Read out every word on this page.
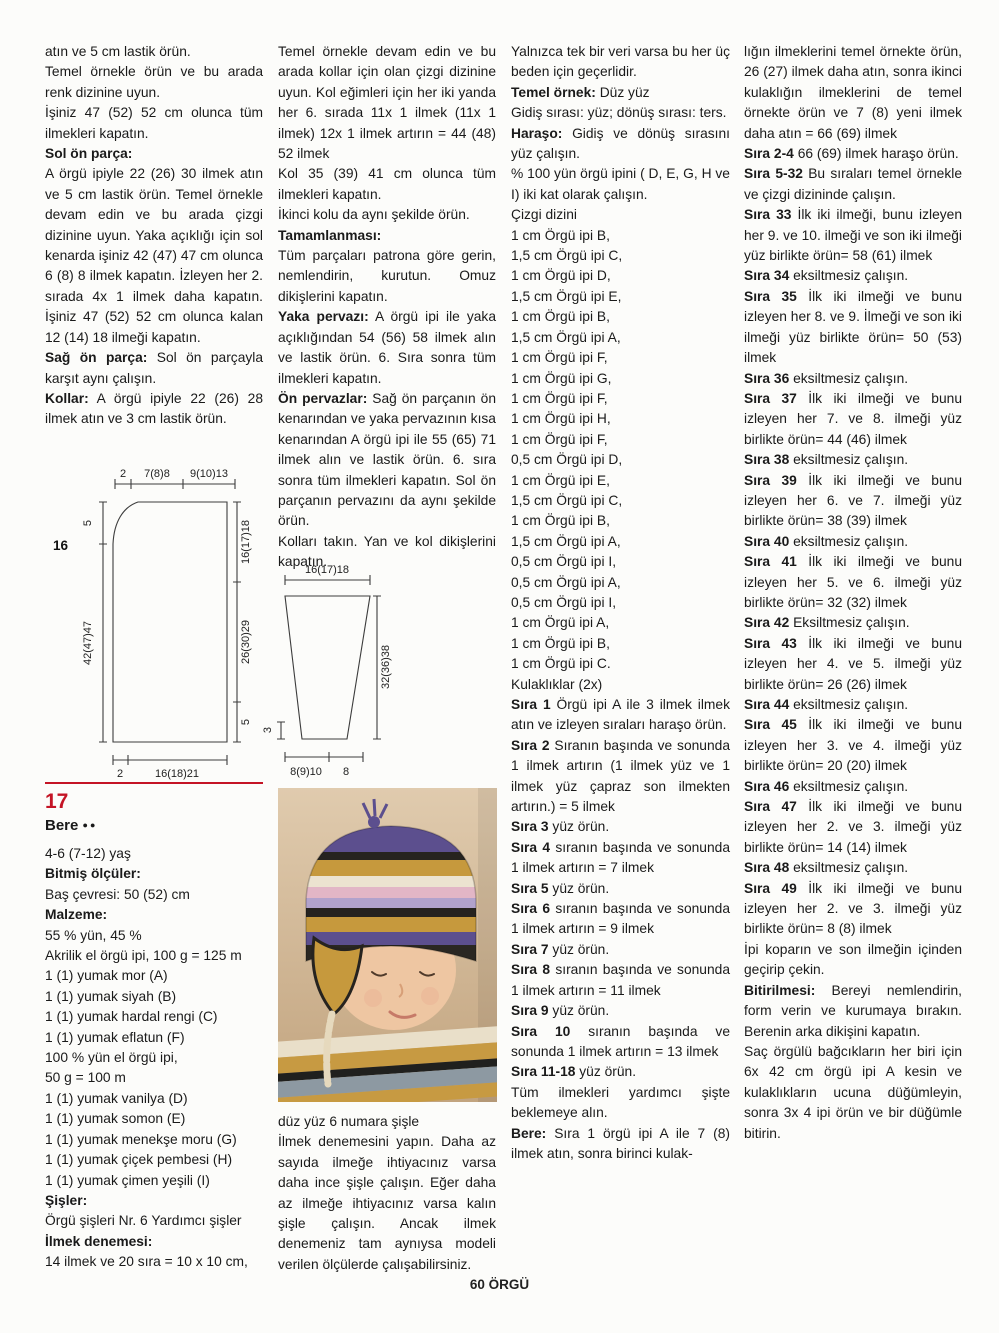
atın ve 5 cm lastik örün.

Temel örnekle örün ve bu arada renk dizinine uyun.

İşiniz 47 (52) 52 cm olunca tüm ilmekleri kapatın.

Sol ön parça:

A örgü ipiyle 22 (26) 30 ilmek atın ve 5 cm lastik örün. Temel örnekle devam edin ve bu arada çizgi dizinine uyun. Yaka açıklığı için sol kenarda işiniz 42 (47) 47 cm olunca 6 (8) 8 ilmek kapatın. İzleyen her 2. sırada 4x 1 ilmek daha kapatın. İşiniz 47 (52) 52 cm olunca kalan 12 (14) 18 ilmeği kapatın.

Sağ ön parça: Sol ön parçayla karşıt aynı çalışın.

Kollar: A örgü ipiyle 22 (26) 28 ilmek atın ve 3 cm lastik örün.

16
2 7(8)8 9(10)13
5
42(47)47
16(17)18
26(30)29
5
2	16(18)21
16(17)18
32(36)38
8(9)10 8
3

17

Bere ●●

4-6 (7-12) yaş

Bitmiş ölçüler:

Baş çevresi: 50 (52) cm

Malzeme:

55 % yün, 45 %

Akrilik el örgü ipi, 100 g = 125 m

1 (1) yumak mor (A)

1 (1) yumak siyah (B)

1 (1) yumak hardal rengi (C)

1 (1) yumak eflatun (F)

100 % yün el örgü ipi,

50 g = 100 m

1 (1) yumak vanilya (D)

1 (1) yumak somon (E)

1 (1) yumak menekşe moru (G)

1 (1) yumak çiçek pembesi (H)

1 (1) yumak çimen yeşili (I)

Şişler:

Örgü şişleri Nr. 6 Yardımcı şişler

İlmek denemesi:

14 ilmek ve 20 sıra = 10 x 10 cm,

Temel örnekle devam edin ve bu arada kollar için olan çizgi dizinine uyun. Kol eğimleri için her iki yanda her 6. sırada 11x 1 ilmek (11x 1 ilmek) 12x 1 ilmek artırın = 44 (48) 52 ilmek

Kol 35 (39) 41 cm olunca tüm ilmekleri kapatın.

İkinci kolu da aynı şekilde örün.

Tamamlanması:

Tüm parçaları patrona göre gerin, nemlendirin, kurutun. Omuz dikişlerini kapatın.

Yaka pervazı: A örgü ipi ile yaka açıklığından 54 (56) 58 ilmek alın ve lastik örün. 6. Sıra sonra tüm ilmekleri kapatın.

Ön pervazlar: Sağ ön parçanın ön kenarından ve yaka pervazının kısa kenarından A örgü ipi ile 55 (65) 71 ilmek alın ve lastik örün. 6. sıra sonra tüm ilmekleri kapatın. Sol ön parçanın pervazını da aynı şekilde örün.

Kolları takın. Yan ve kol dikişlerini kapatın.

düz yüz 6 numara şişle

İlmek denemesini yapın. Daha az sayıda ilmeğe ihtiyacınız varsa daha ince şişle çalışın. Eğer daha az ilmeğe ihtiyacınız varsa kalın şişle çalışın. Ancak ilmek denemeniz tam aynıysa modeli verilen ölçülerde çalışabilirsiniz.

Yalnızca tek bir veri varsa bu her üç beden için geçerlidir.

Temel örnek: Düz yüz

Gidiş sırası: yüz; dönüş sırası: ters.

Haraşo: Gidiş ve dönüş sırasını yüz çalışın.

% 100 yün örgü ipini ( D, E, G, H ve I) iki kat olarak çalışın.

Çizgi dizini

1 cm Örgü ipi B,

1,5 cm Örgü ipi C,

1 cm Örgü ipi D,

1,5 cm Örgü ipi E,

1 cm Örgü ipi B,

1,5 cm Örgü ipi A,

1 cm Örgü ipi F,

1 cm Örgü ipi G,

1 cm Örgü ipi F,

1 cm Örgü ipi H,

1 cm Örgü ipi F,

0,5 cm Örgü ipi D,

1 cm Örgü ipi E,

1,5 cm Örgü ipi C,

1 cm Örgü ipi B,

1,5 cm Örgü ipi A,

0,5 cm Örgü ipi I,

0,5 cm Örgü ipi A,

0,5 cm Örgü ipi I,

1 cm Örgü ipi A,

1 cm Örgü ipi B,

1 cm Örgü ipi C.

Kulaklıklar (2x)

Sıra 1 Örgü ipi A ile 3 ilmek ilmek atın ve izleyen sıraları haraşo örün.

Sıra 2 Sıranın başında ve sonunda 1 ilmek artırın (1 ilmek yüz ve 1 ilmek yüz çapraz son ilmekten artırın.) = 5 ilmek

Sıra 3 yüz örün.

Sıra 4 sıranın başında ve sonunda 1 ilmek artırın = 7 ilmek

Sıra 5 yüz örün.

Sıra 6 sıranın başında ve sonunda 1 ilmek artırın = 9 ilmek

Sıra 7 yüz örün.

Sıra 8 sıranın başında ve sonunda 1 ilmek artırın = 11 ilmek

Sıra 9 yüz örün.

Sıra 10 sıranın başında ve sonunda 1 ilmek artırın = 13 ilmek

Sıra 11-18 yüz örün.

Tüm ilmekleri yardımcı şişte beklemeye alın.

Bere: Sıra 1 örgü ipi A ile 7 (8) ilmek atın, sonra birinci kulak-

lığın ilmeklerini temel örnekte örün, 26 (27) ilmek daha atın, sonra ikinci kulaklığın ilmeklerini de temel örnekte örün ve 7 (8) yeni ilmek daha atın = 66 (69) ilmek

Sıra 2-4 66 (69) ilmek haraşo örün.

Sıra 5-32 Bu sıraları temel örnekle ve çizgi dizininde çalışın.

Sıra 33 İlk iki ilmeği, bunu izleyen her 9. ve 10. ilmeği ve son iki ilmeği yüz birlikte örün= 58 (61) ilmek

Sıra 34 eksiltmesiz çalışın.

Sıra 35 İlk iki ilmeği ve bunu izleyen her 8. ve 9. İlmeği ve son iki ilmeği yüz birlikte örün= 50 (53) ilmek

Sıra 36 eksiltmesiz çalışın.

Sıra 37 İlk iki ilmeği ve bunu izleyen her 7. ve 8. ilmeği yüz birlikte örün= 44 (46) ilmek

Sıra 38 eksiltmesiz çalışın.

Sıra 39 İlk iki ilmeği ve bunu izleyen her 6. ve 7. ilmeği yüz birlikte örün= 38 (39) ilmek

Sıra 40 eksiltmesiz çalışın.

Sıra 41 İlk iki ilmeği ve bunu izleyen her 5. ve 6. ilmeği yüz birlikte örün= 32 (32) ilmek

Sıra 42 Eksiltmesiz çalışın.

Sıra 43 İlk iki ilmeği ve bunu izleyen her 4. ve 5. ilmeği yüz birlikte örün= 26 (26) ilmek

Sıra 44 eksiltmesiz çalışın.

Sıra 45 İlk iki ilmeği ve bunu izleyen her 3. ve 4. ilmeği yüz birlikte örün= 20 (20) ilmek

Sıra 46 eksiltmesiz çalışın.

Sıra 47 İlk iki ilmeği ve bunu izleyen her 2. ve 3. ilmeği yüz birlikte örün= 14 (14) ilmek

Sıra 48 eksiltmesiz çalışın.

Sıra 49 İlk iki ilmeği ve bunu izleyen her 2. ve 3. ilmeği yüz birlikte örün= 8 (8) ilmek

İpi koparın ve son ilmeğin içinden geçirip çekin.

Bitirilmesi: Bereyi nemlendirin, form verin ve kurumaya bırakın. Berenin arka dikişini kapatın.

Saç örgülü bağcıkların her biri için 6x 42 cm örgü ipi A kesin ve kulaklıkların ucuna düğümleyin, sonra 3x 4 ipi örün ve bir düğümle bitirin.

60 ÖRGÜ
